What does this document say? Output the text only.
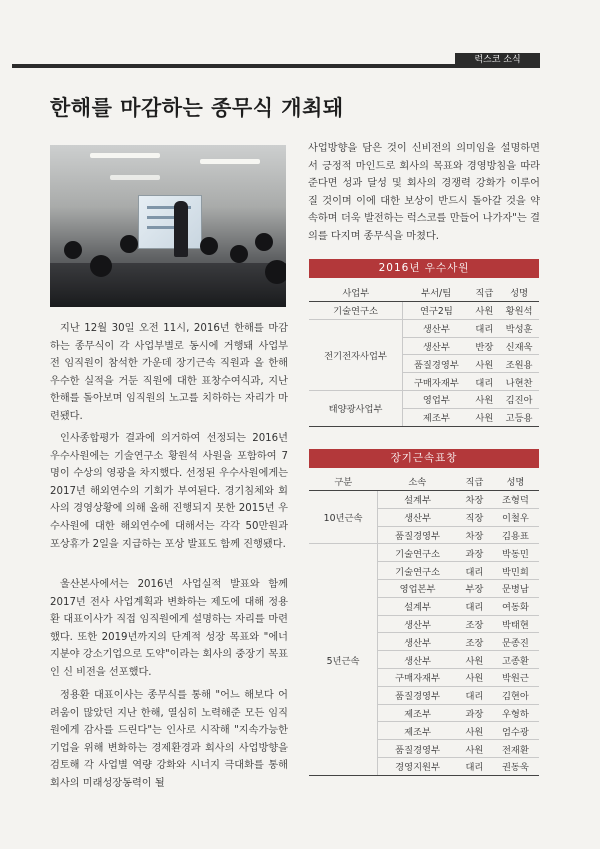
럭스코 소식
한해를 마감하는 종무식 개최돼

지난 12월 30일 오전 11시, 2016년 한해를 마감하는 종무식이 각 사업부별로 동시에 거행돼 사업부 전 임직원이 참석한 가운데 장기근속 직원과 올 한해 우수한 실적을 거둔 직원에 대한 표창수여식과, 지난 한해를 돌아보며 임직원의 노고를 치하하는 자리가 마련됐다.

인사종합평가 결과에 의거하여 선정되는 2016년 우수사원에는 기술연구소 황원석 사원을 포함하여 7명이 수상의 영광을 차지했다. 선정된 우수사원에게는 2017년 해외연수의 기회가 부여된다. 경기침체와 회사의 경영상황에 의해 올해 진행되지 못한 2015년 우수사원에 대한 해외연수에 대해서는 각각 50만원과 포상휴가 2일을 지급하는 포상 발표도 함께 진행됐다.

울산본사에서는 2016년 사업실적 발표와 함께 2017년 전사 사업계획과 변화하는 제도에 대해 정용환 대표이사가 직접 임직원에게 설명하는 자리를 마련했다. 또한 2019년까지의 단계적 성장 목표와 "에너지분야 강소기업으로 도약"이라는 회사의 중장기 목표인 신 비전을 선포했다.

정용환 대표이사는 종무식를 통해 "어느 해보다 어려움이 많았던 지난 한해, 열심히 노력해준 모든 임직원에게 감사를 드린다"는 인사로 시작해 "지속가능한 기업을 위해 변화하는 경제환경과 회사의 사업방향을 검토해 각 사업별 역량 강화와 시너지 극대화를 통해 회사의 미래성장동력이 될

사업방향을 담은 것이 신비전의 의미임을 설명하면서 긍정적 마인드로 회사의 목표와 경영방침을 따라준다면 성과 달성 및 회사의 경쟁력 강화가 이루어 질 것이며 이에 대한 보상이 반드시 돌아갈 것을 약속하며 더욱 발전하는 럭스코를 만들어 나가자"는 결의를 다지며 종무식을 마쳤다.

2016년 우수사원
사업부	부서/팀	직급	성명
기술연구소	연구2팀	사원	황원석
전기전자사업부	생산부	대리	박성훈
	생산부	반장	신재욱
	품질경영부	사원	조원용
	구매자재부	대리	나현찬
태양광사업부	영업부	사원	김진아
	제조부	사원	고등용
장기근속표창
구분	소속	직급	성명
10년근속	설계부	차장	조형덕
	생산부	직장	이철우
	품질경영부	차장	김용표
5년근속	기술연구소	과장	박동민
	기술연구소	대리	박민희
	영업본부	부장	문병남
	설계부	대리	여동화
	생산부	조장	박태현
	생산부	조장	문종진
	생산부	사원	고종환
	구매자재부	사원	박원근
	품질경영부	대리	김현아
	제조부	과장	우형하
	제조부	사원	엄수광
	품질경영부	사원	전재환
	경영지원부	대리	권동욱
